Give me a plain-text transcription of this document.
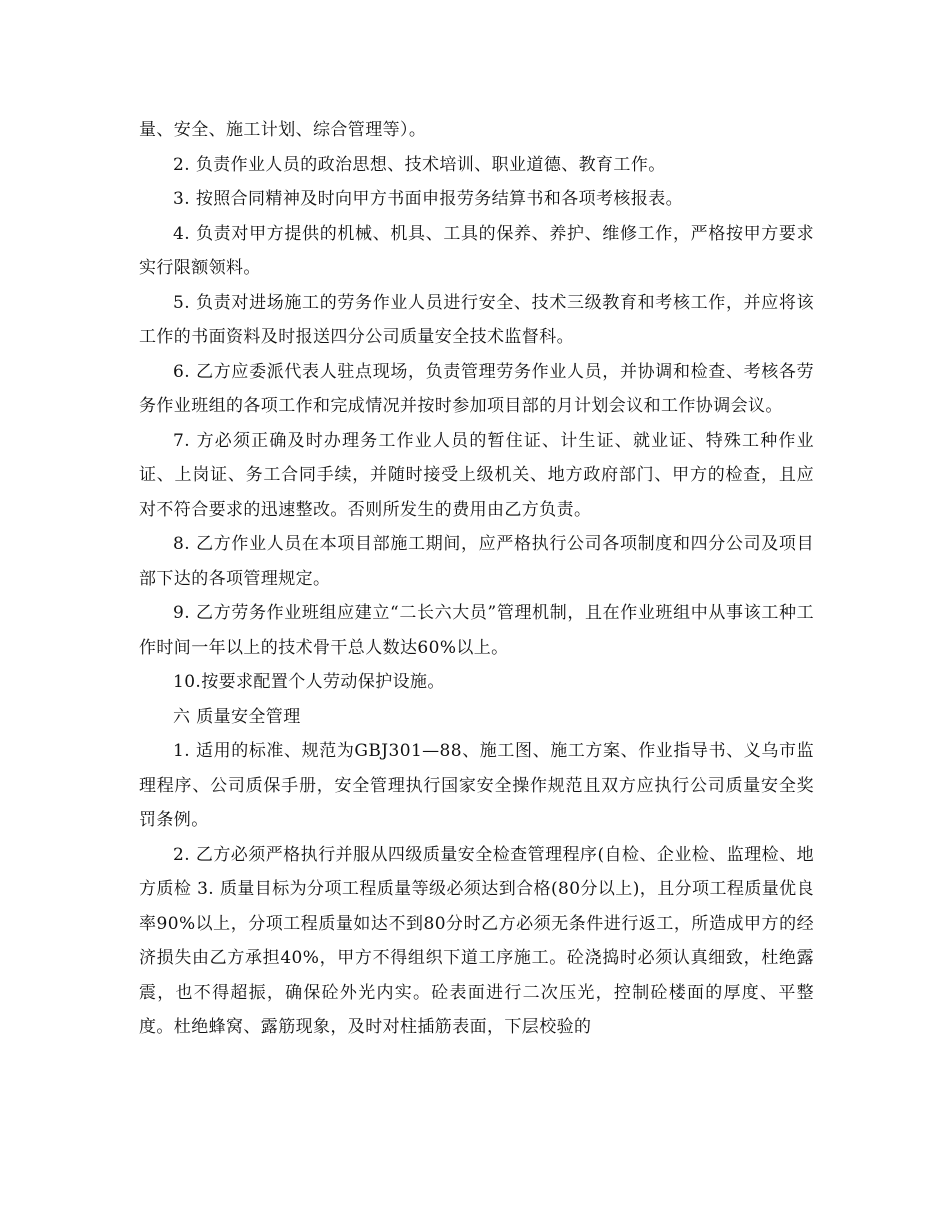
量、安全、施工计划、综合管理等）。

2. 负责作业人员的政治思想、技术培训、职业道德、教育工作。

3. 按照合同精神及时向甲方书面申报劳务结算书和各项考核报表。

4. 负责对甲方提供的机械、机具、工具的保养、养护、维修工作，严格按甲方要求实行限额领料。

5. 负责对进场施工的劳务作业人员进行安全、技术三级教育和考核工作，并应将该工作的书面资料及时报送四分公司质量安全技术监督科。

6. 乙方应委派代表人驻点现场，负责管理劳务作业人员，并协调和检查、考核各劳务作业班组的各项工作和完成情况并按时参加项目部的月计划会议和工作协调会议。

7. 方必须正确及时办理务工作业人员的暂住证、计生证、就业证、特殊工种作业证、上岗证、务工合同手续，并随时接受上级机关、地方政府部门、甲方的检查，且应对不符合要求的迅速整改。否则所发生的费用由乙方负责。

8. 乙方作业人员在本项目部施工期间，应严格执行公司各项制度和四分公司及项目部下达的各项管理规定。

9. 乙方劳务作业班组应建立“二长六大员”管理机制，且在作业班组中从事该工种工作时间一年以上的技术骨干总人数达60%以上。

10.按要求配置个人劳动保护设施。

六 质量安全管理

1. 适用的标准、规范为GBJ301—88、施工图、施工方案、作业指导书、义乌市监理程序、公司质保手册，安全管理执行国家安全操作规范且双方应执行公司质量安全奖罚条例。

2. 乙方必须严格执行并服从四级质量安全检查管理程序(自检、企业检、监理检、地方质检 3. 质量目标为分项工程质量等级必须达到合格(80分以上)，且分项工程质量优良率90%以上，分项工程质量如达不到80分时乙方必须无条件进行返工，所造成甲方的经济损失由乙方承担40%，甲方不得组织下道工序施工。砼浇捣时必须认真细致，杜绝露震，也不得超振，确保砼外光内实。砼表面进行二次压光，控制砼楼面的厚度、平整度。杜绝蜂窝、露筋现象，及时对柱插筋表面，下层校验的
